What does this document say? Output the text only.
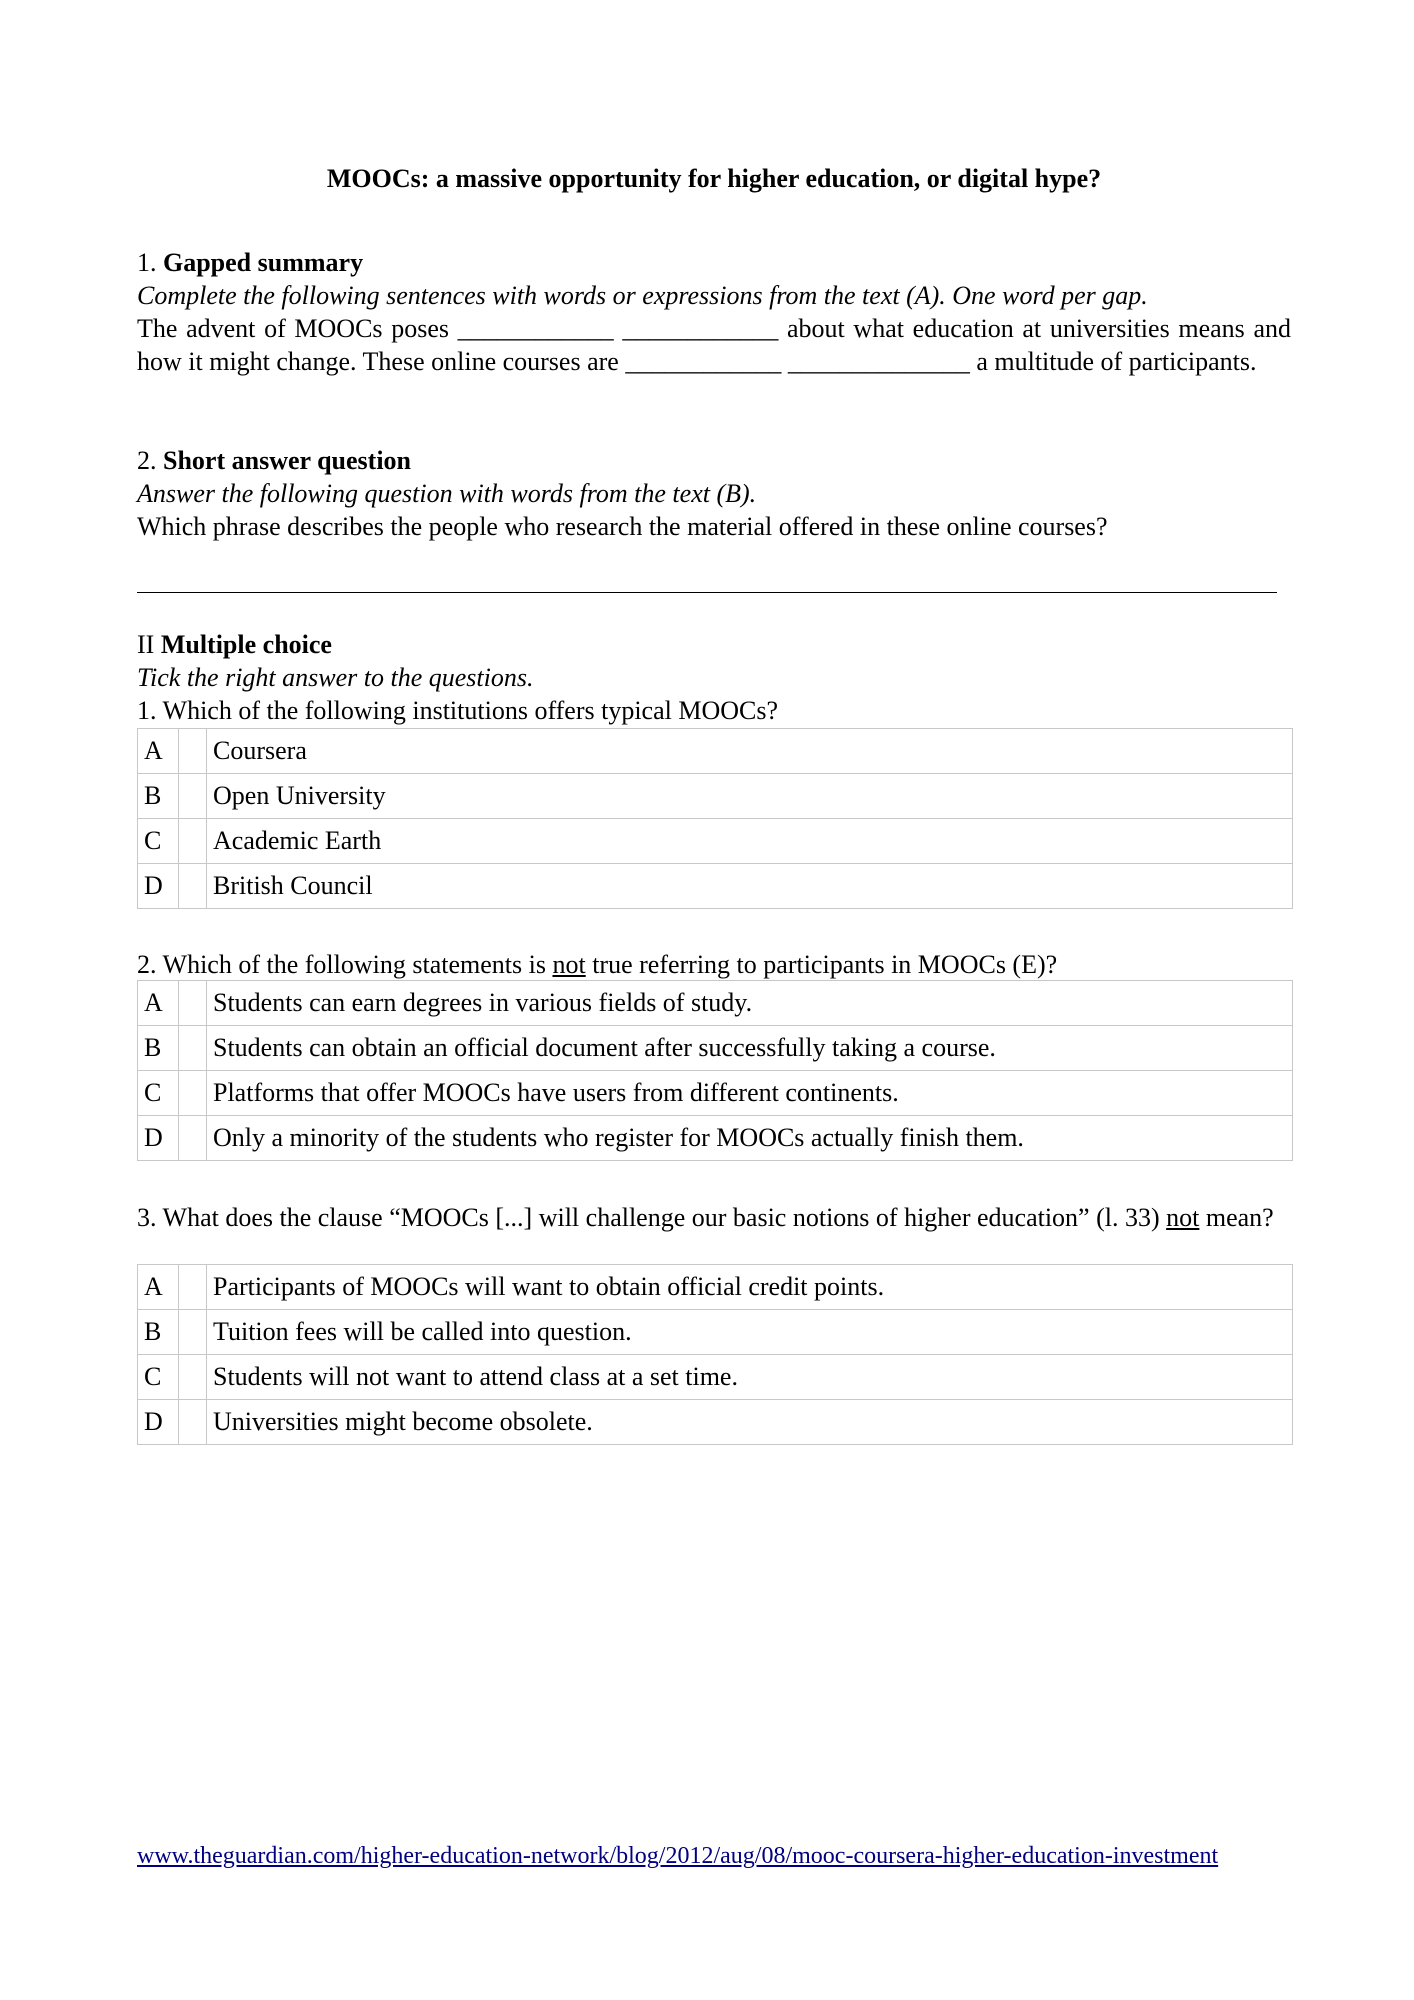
MOOCs: a massive opportunity for higher education, or digital hype?
1. Gapped summary
Complete the following sentences with words or expressions from the text (A). One word per gap.
The advent of MOOCs poses ____________ ____________ about what education at universities means and how it might change. These online courses are ____________ ______________ a multitude of participants.
2. Short answer question
Answer the following question with words from the text (B).
Which phrase describes the people who research the material offered in these online courses?
II Multiple choice
Tick the right answer to the questions.
1. Which of the following institutions offers typical MOOCs?
A		Coursera
B		Open University
C		Academic Earth
D		British Council
2. Which of the following statements is not true referring to participants in MOOCs (E)?
A		Students can earn degrees in various fields of study.
B		Students can obtain an official document after successfully taking a course.
C		Platforms that offer MOOCs have users from different continents.
D		Only a minority of the students who register for MOOCs actually finish them.
3. What does the clause “MOOCs [...] will challenge our basic notions of higher education” (l. 33) not mean?
A		Participants of MOOCs will want to obtain official credit points.
B		Tuition fees will be called into question.
C		Students will not want to attend class at a set time.
D		Universities might become obsolete.
www.theguardian.com/higher-education-network/blog/2012/aug/08/mooc-coursera-higher-education-investment
